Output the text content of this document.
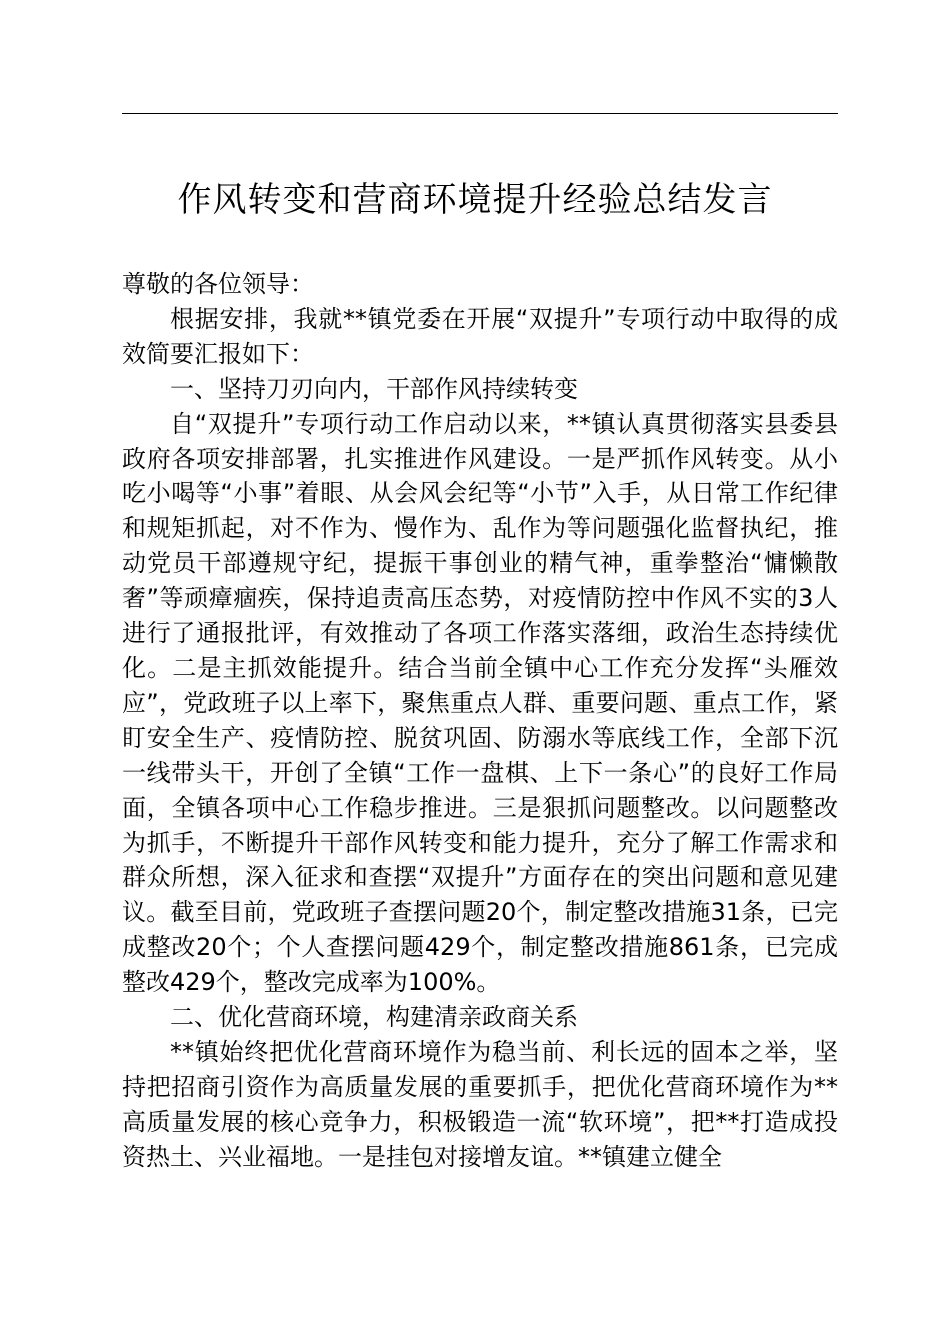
作风转变和营商环境提升经验总结发言

尊敬的各位领导：

根据安排，我就**镇党委在开展“双提升”专项行动中取得的成效简要汇报如下：

一、坚持刀刃向内，干部作风持续转变

自“双提升”专项行动工作启动以来，**镇认真贯彻落实县委县政府各项安排部署，扎实推进作风建设。一是严抓作风转变。从小吃小喝等“小事”着眼、从会风会纪等“小节”入手，从日常工作纪律和规矩抓起，对不作为、慢作为、乱作为等问题强化监督执纪，推动党员干部遵规守纪，提振干事创业的精气神，重拳整治“慵懒散奢”等顽瘴痼疾，保持追责高压态势，对疫情防控中作风不实的3人进行了通报批评，有效推动了各项工作落实落细，政治生态持续优化。二是主抓效能提升。结合当前全镇中心工作充分发挥“头雁效应”，党政班子以上率下，聚焦重点人群、重要问题、重点工作，紧盯安全生产、疫情防控、脱贫巩固、防溺水等底线工作，全部下沉一线带头干，开创了全镇“工作一盘棋、上下一条心”的良好工作局面，全镇各项中心工作稳步推进。三是狠抓问题整改。以问题整改为抓手，不断提升干部作风转变和能力提升，充分了解工作需求和群众所想，深入征求和查摆“双提升”方面存在的突出问题和意见建议。截至目前，党政班子查摆问题20个，制定整改措施31条，已完成整改20个；个人查摆问题429个，制定整改措施861条，已完成整改429个，整改完成率为100%。

二、优化营商环境，构建清亲政商关系

**镇始终把优化营商环境作为稳当前、利长远的固本之举，坚持把招商引资作为高质量发展的重要抓手，把优化营商环境作为**高质量发展的核心竞争力，积极锻造一流“软环境”，把**打造成投资热土、兴业福地。一是挂包对接增友谊。**镇建立健全
